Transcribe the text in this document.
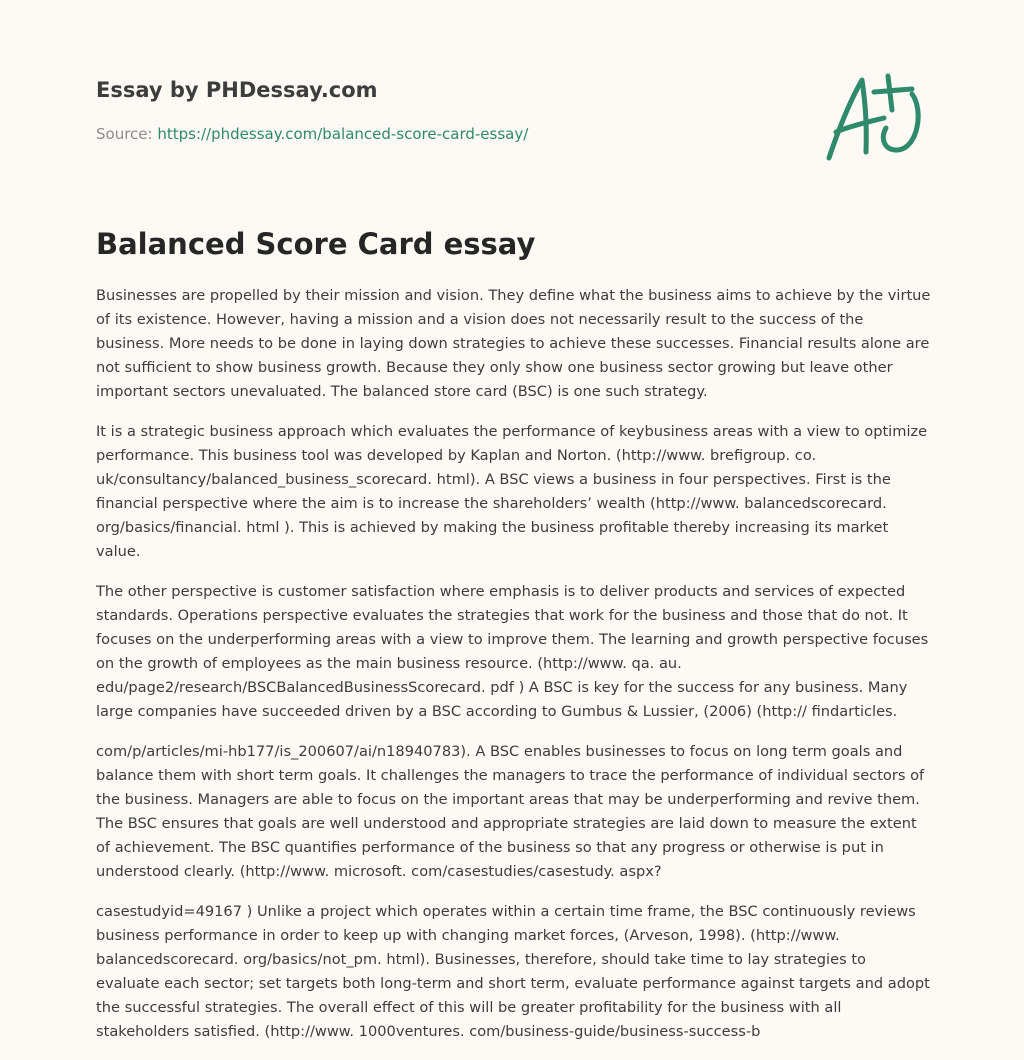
Essay by PHDessay.com
Source: https://phdessay.com/balanced-score-card-essay/
Balanced Score Card essay

Businesses are propelled by their mission and vision. They define what the business aims to achieve by the virtue of its existence. However, having a mission and a vision does not necessarily result to the success of the business. More needs to be done in laying down strategies to achieve these successes. Financial results alone are not sufficient to show business growth. Because they only show one business sector growing but leave other important sectors unevaluated. The balanced store card (BSC) is one such strategy.

It is a strategic business approach which evaluates the performance of keybusiness areas with a view to optimize performance. This business tool was developed by Kaplan and Norton. (http://www. brefigroup. co. uk/consultancy/balanced_business_scorecard. html). A BSC views a business in four perspectives. First is the financial perspective where the aim is to increase the shareholders’ wealth (http://www. balancedscorecard. org/basics/financial. html ). This is achieved by making the business profitable thereby increasing its market value.

The other perspective is customer satisfaction where emphasis is to deliver products and services of expected standards. Operations perspective evaluates the strategies that work for the business and those that do not. It focuses on the underperforming areas with a view to improve them. The learning and growth perspective focuses on the growth of employees as the main business resource. (http://www. qa. au. edu/page2/research/BSCBalancedBusinessScorecard. pdf ) A BSC is key for the success for any business. Many large companies have succeeded driven by a BSC according to Gumbus & Lussier, (2006) (http:// findarticles.

com/p/articles/mi-hb177/is_200607/ai/n18940783). A BSC enables businesses to focus on long term goals and balance them with short term goals. It challenges the managers to trace the performance of individual sectors of the business. Managers are able to focus on the important areas that may be underperforming and revive them. The BSC ensures that goals are well understood and appropriate strategies are laid down to measure the extent of achievement. The BSC quantifies performance of the business so that any progress or otherwise is put in understood clearly. (http://www. microsoft. com/casestudies/casestudy. aspx?

casestudyid=49167 ) Unlike a project which operates within a certain time frame, the BSC continuously reviews business performance in order to keep up with changing market forces, (Arveson, 1998). (http://www. balancedscorecard. org/basics/not_pm. html). Businesses, therefore, should take time to lay strategies to evaluate each sector; set targets both long-term and short term, evaluate performance against targets and adopt the successful strategies. The overall effect of this will be greater profitability for the business with all stakeholders satisfied. (http://www. 1000ventures. com/business-guide/business-success-b
